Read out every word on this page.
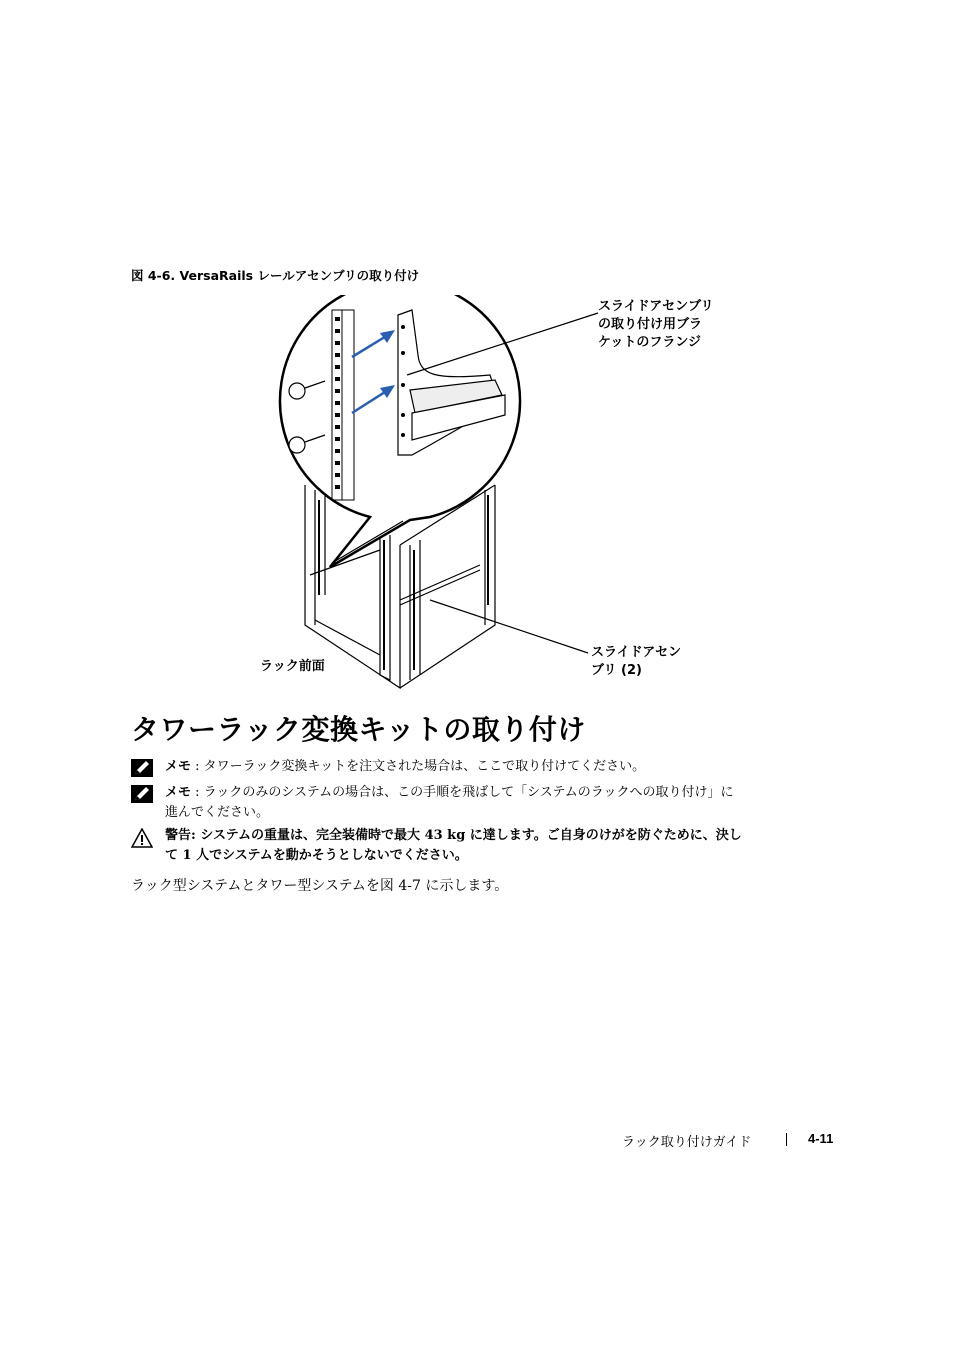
図 4-6. VersaRails レールアセンブリの取り付け
スライドアセンブリ
の取り付け用ブラ
ケットのフランジ
スライドアセン
ブリ (2)
ラック前面
タワーラック変換キットの取り付け
メモ : タワーラック変換キットを注文された場合は、ここで取り付けてください。
メモ : ラックのみのシステムの場合は、この手順を飛ばして「システムのラックへの取り付け」に進んでください。
警告: システムの重量は、完全装備時で最大 43 kg に達します。ご自身のけがを防ぐために、決して 1 人でシステムを動かそうとしないでください。
ラック型システムとタワー型システムを図 4-7 に示します。
ラック取り付けガイド	4-11
